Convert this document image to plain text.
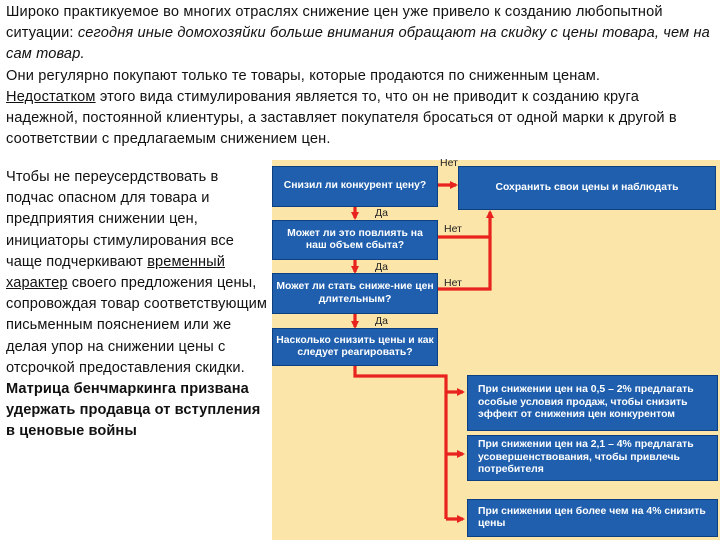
Широко практикуемое во многих отраслях снижение цен уже привело к созданию любопытной ситуации: сегодня иные домохозяйки больше внимания обращают на скидку с цены товара, чем на сам товар.

Они регулярно покупают только те товары, которые продаются по сниженным ценам.

Недостатком этого вида стимулирования является то, что он не приводит к созданию круга надежной, постоянной клиентуры, а заставляет покупателя бросаться от одной марки к другой в соответствии с предлагаемым снижением цен.

Чтобы не переусердствовать в подчас опасном для товара и предприятия снижении цен, инициаторы стимулирования все чаще подчеркивают временный характер своего предложения цены, сопровождая товар соответствующим письменным пояснением или же делая упор на снижении цены с отсрочкой предоставления скидки.

Матрица бенчмаркинга призвана удержать продавца от вступления в ценовые войны

Снизил ли конкурент цену?
Может ли это повлиять на наш объем сбыта?
Может ли стать сниже-ние цен длительным?
Насколько снизить цены и как следует реагировать?
Сохранить свои цены и наблюдать
При снижении цен на 0,5 – 2% предлагать особые условия продаж, чтобы снизить эффект от снижения цен конкурентом
При снижении цен на 2,1 – 4% предлагать усовершенствования, чтобы привлечь потребителя
При снижении цен более чем на 4% снизить цены
Нет
Да
Нет
Да
Нет
Да
